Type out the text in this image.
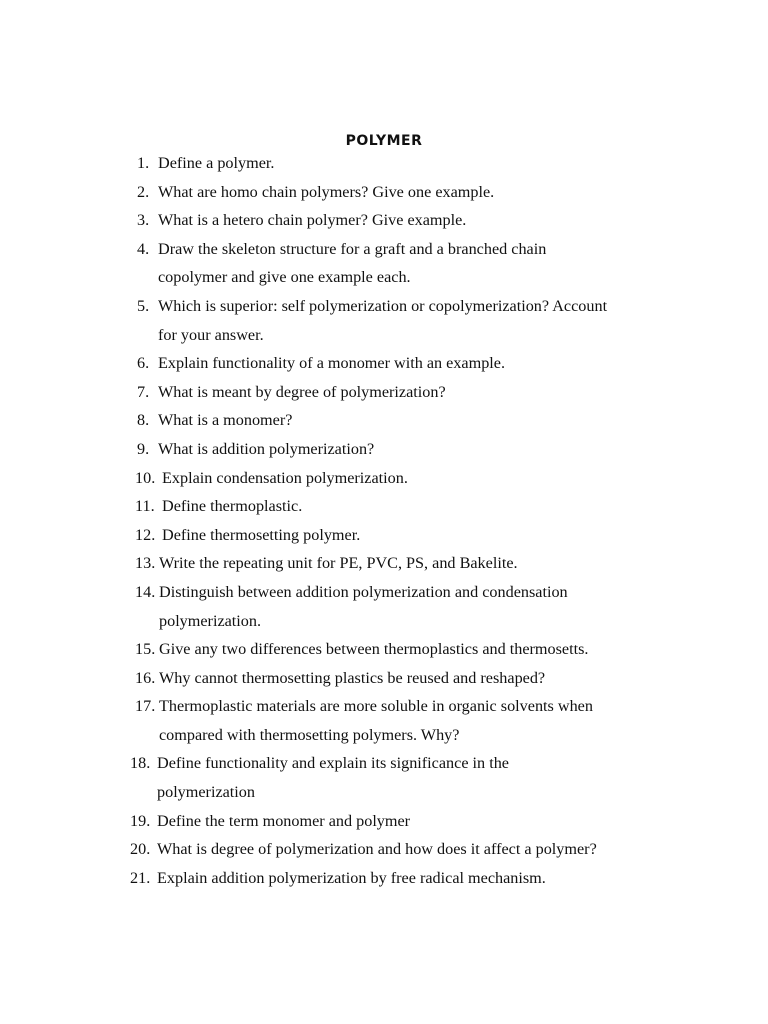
POLYMER
1. Define a polymer.
2. What are homo chain polymers? Give one example.
3. What is a hetero chain polymer? Give example.
4. Draw the skeleton structure for a graft and a branched chain
copolymer and give one example each.
5. Which is superior: self polymerization or copolymerization? Account
for your answer.
6. Explain functionality of a monomer with an example.
7. What is meant by degree of polymerization?
8. What is a monomer?
9. What is addition polymerization?
10. Explain condensation polymerization.
11. Define thermoplastic.
12. Define thermosetting polymer.
13. Write the repeating unit for PE, PVC, PS, and Bakelite.
14. Distinguish between addition polymerization and condensation
polymerization.
15. Give any two differences between thermoplastics and thermosetts.
16. Why cannot thermosetting plastics be reused and reshaped?
17. Thermoplastic materials are more soluble in organic solvents when
compared with thermosetting polymers. Why?
18. Define functionality and explain its significance in the
polymerization
19. Define the term monomer and polymer
20. What is degree of polymerization and how does it affect a polymer?
21. Explain addition polymerization by free radical mechanism.
